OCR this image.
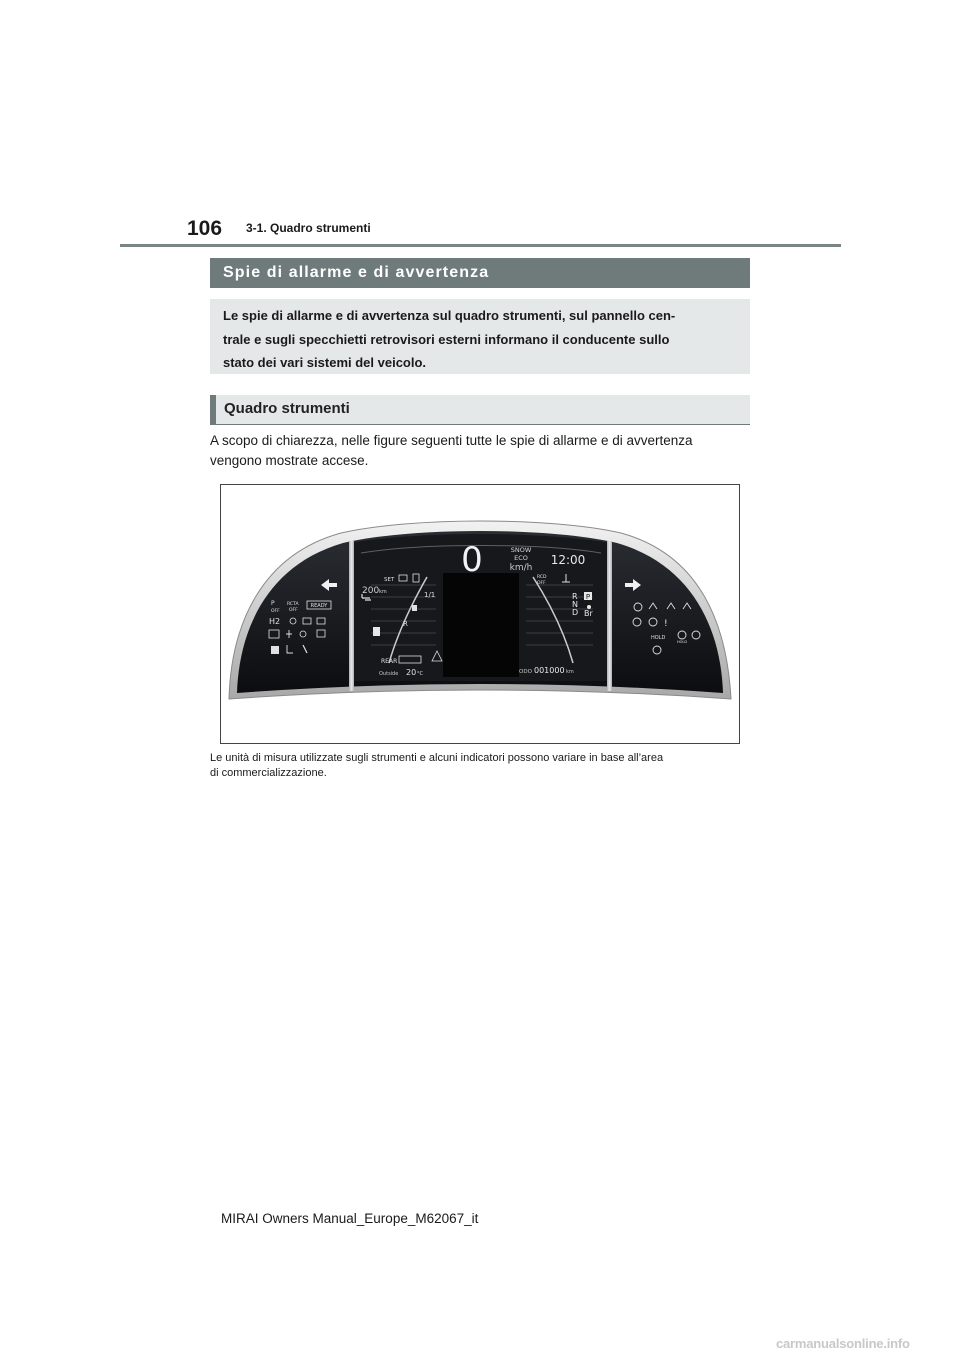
106 3-1. Quadro strumenti
Spie di allarme e di avvertenza
Le spie di allarme e di avvertenza sul quadro strumenti, sul pannello cen-
trale e sugli specchietti retrovisori esterni informano il conducente sullo
stato dei vari sistemi del veicolo.
Quadro strumenti
A scopo di chiarezza, nelle figure seguenti tutte le spie di allarme e di avvertenza
vengono mostrate accese.
0	SNOW
ECO
km/h
12:00
SET
200 km	1/1
R
REAR
Outside 20 °C
RCD
OFF
R
N
D
P
Br
ODO 001000 km
P
OFF
RCTA
OFF
READY
H2	!
HOLD
HOLD
Le unità di misura utilizzate sugli strumenti e alcuni indicatori possono variare in base all’area
di commercializzazione.
MIRAI Owners Manual_Europe_M62067_it
carmanualsonline.info
